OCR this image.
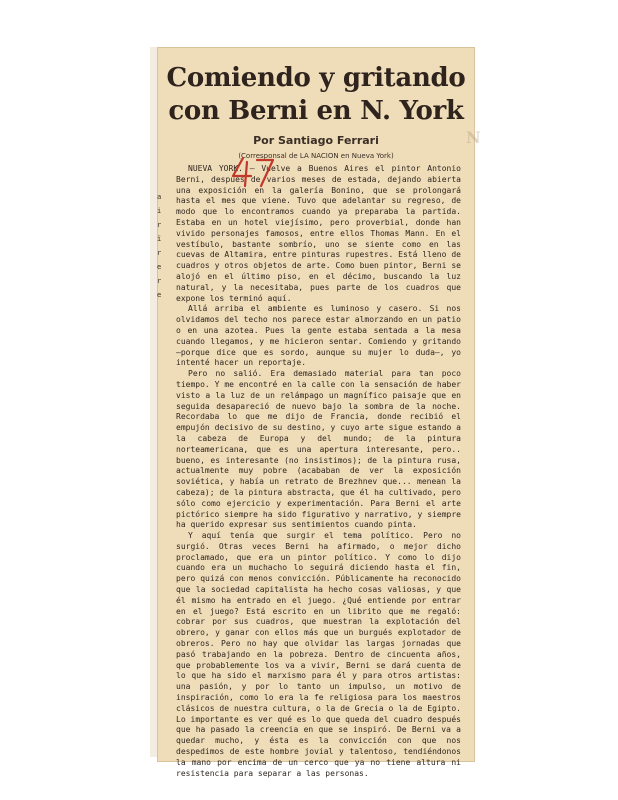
Comiendo y gritando
con Berni en N. York
Por Santiago Ferrari
(Corresponsal de LA NACION en Nueva York)

NUEVA YORK. — Vuelve a Buenos Aires el pintor Antonio Berni, después de varios meses de estada, dejando abierta una exposición en la galería Bonino, que se prolongará hasta el mes que viene. Tuvo que adelantar su regreso, de modo que lo encontramos cuando ya preparaba la partida. Estaba en un hotel viejísimo, pero proverbial, donde han vivido personajes famosos, entre ellos Thomas Mann. En el vestíbulo, bastante sombrío, uno se siente como en las cuevas de Altamira, entre pinturas rupestres. Está lleno de cuadros y otros objetos de arte. Como buen pintor, Berni se alojó en el último piso, en el décimo, buscando la luz natural, y la necesitaba, pues parte de los cuadros que expone los terminó aquí.

Allá arriba el ambiente es luminoso y casero. Si nos olvidamos del techo nos parece estar almorzando en un patio o en una azotea. Pues la gente estaba sentada a la mesa cuando llegamos, y me hicieron sentar. Comiendo y gritando —porque dice que es sordo, aunque su mujer lo duda—, yo intenté hacer un reportaje.

Pero no salió. Era demasiado material para tan poco tiempo. Y me encontré en la calle con la sensación de haber visto a la luz de un relámpago un magnífico paisaje que en seguida desapareció de nuevo bajo la sombra de la noche. Recordaba lo que me dijo de Francia, donde recibió el empujón decisivo de su destino, y cuyo arte sigue estando a la cabeza de Europa y del mundo; de la pintura norteamericana, que es una apertura interesante, pero.. bueno, es interesante (no insistimos); de la pintura rusa, actualmente muy pobre (acababan de ver la exposición soviética, y había un retrato de Brezhnev que... menean la cabeza); de la pintura abstracta, que él ha cultivado, pero sólo como ejercicio y experimentación. Para Berni el arte pictórico siempre ha sido figurativo y narrativo, y siempre ha querido expresar sus sentimientos cuando pinta.

Y aquí tenía que surgir el tema político. Pero no surgió. Otras veces Berni ha afirmado, o mejor dicho proclamado, que era un pintor político. Y como lo dijo cuando era un muchacho lo seguirá diciendo hasta el fin, pero quizá con menos convicción. Públicamente ha reconocido que la sociedad capitalista ha hecho cosas valiosas, y que él mismo ha entrado en el juego. ¿Qué entiende por entrar en el juego? Está escrito en un librito que me regaló: cobrar por sus cuadros, que muestran la explotación del obrero, y ganar con ellos más que un burgués explotador de obreros. Pero no hay que olvidar las largas jornadas que pasó trabajando en la pobreza. Dentro de cincuenta años, que probablemente los va a vivir, Berni se dará cuenta de lo que ha sido el marxismo para él y para otros artistas: una pasión, y por lo tanto un impulso, un motivo de inspiración, como lo era la fe religiosa para los maestros clásicos de nuestra cultura, o la de Grecia o la de Egipto. Lo importante es ver qué es lo que queda del cuadro después que ha pasado la creencia en que se inspiró. De Berni va a quedar mucho, y ésta es la convicción con que nos despedimos de este hombre jovial y talentoso, tendiéndonos la mano por encima de un cerco que ya no tiene altura ni resistencia para separar a las personas.

a
i
r
ï
r
e
r
e
N
